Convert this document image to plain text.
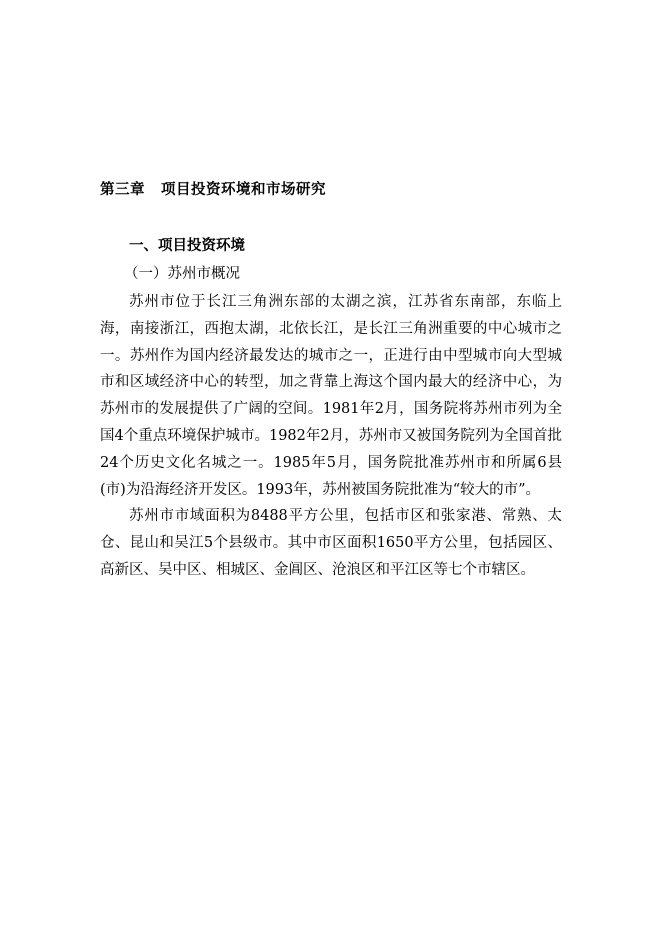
第三章 项目投资环境和市场研究
一、项目投资环境
（一）苏州市概况

苏州市位于长江三角洲东部的太湖之滨，江苏省东南部，东临上海，南接浙江，西抱太湖，北依长江，是长江三角洲重要的中心城市之一。苏州作为国内经济最发达的城市之一，正进行由中型城市向大型城市和区域经济中心的转型，加之背靠上海这个国内最大的经济中心，为苏州市的发展提供了广阔的空间。1981年2月，国务院将苏州市列为全国4个重点环境保护城市。1982年2月，苏州市又被国务院列为全国首批24个历史文化名城之一。1985年5月，国务院批准苏州市和所属6县(市)为沿海经济开发区。1993年，苏州被国务院批准为“较大的市”。

苏州市市域面积为8488平方公里，包括市区和张家港、常熟、太仓、昆山和吴江5个县级市。其中市区面积1650平方公里，包括园区、高新区、吴中区、相城区、金阊区、沧浪区和平江区等七个市辖区。
